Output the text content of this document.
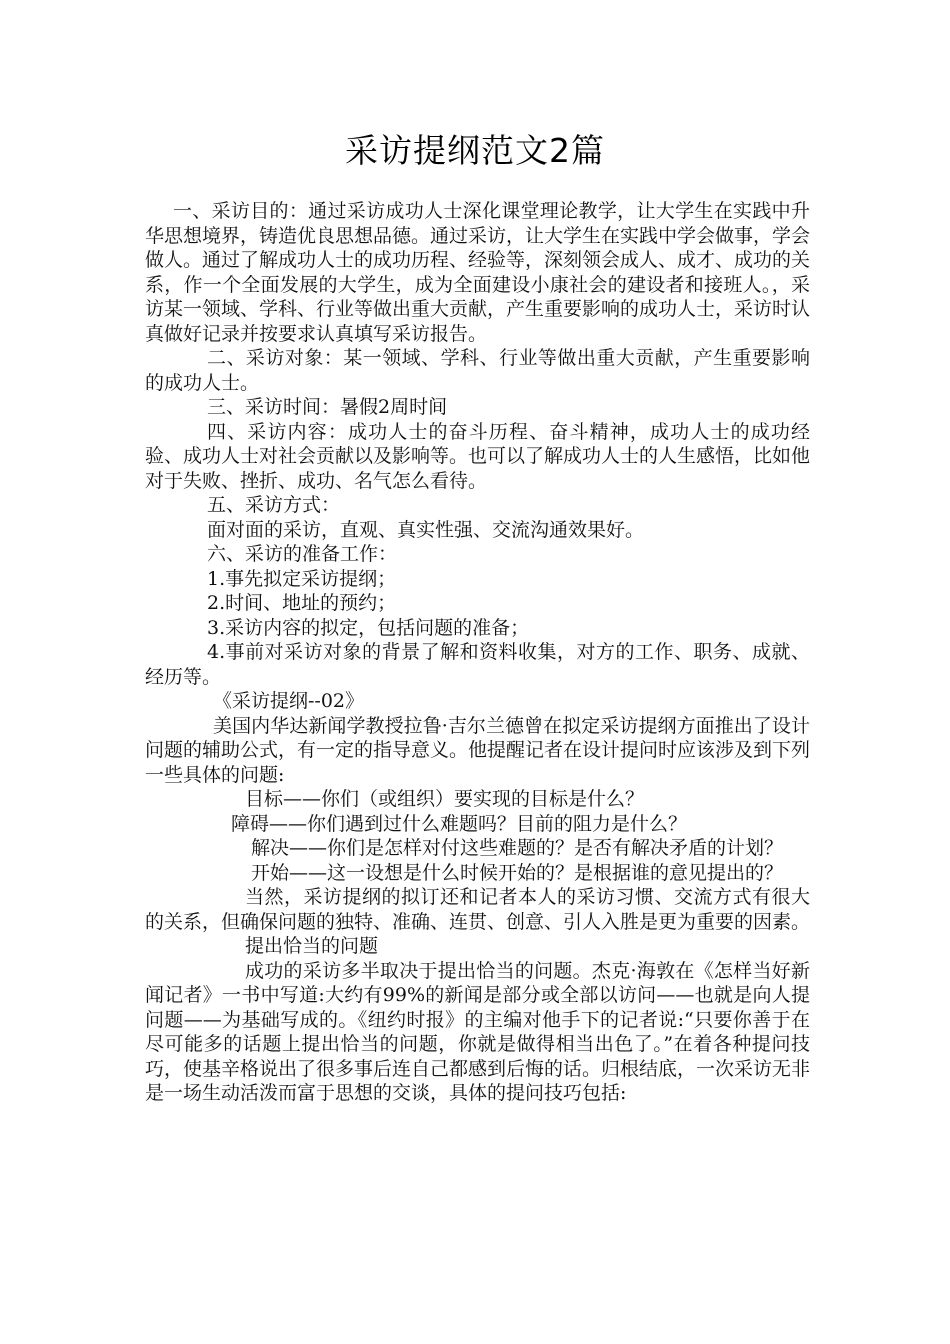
采访提纲范文2篇

一、采访目的：通过采访成功人士深化课堂理论教学，让大学生在实践中升华思想境界，铸造优良思想品德。通过采访，让大学生在实践中学会做事，学会做人。通过了解成功人士的成功历程、经验等，深刻领会成人、成才、成功的关系，作一个全面发展的大学生，成为全面建设小康社会的建设者和接班人。，采访某一领域、学科、行业等做出重大贡献，产生重要影响的成功人士，采访时认真做好记录并按要求认真填写采访报告。

二、采访对象：某一领域、学科、行业等做出重大贡献，产生重要影响的成功人士。

三、采访时间：暑假2周时间

四、采访内容：成功人士的奋斗历程、奋斗精神，成功人士的成功经验、成功人士对社会贡献以及影响等。也可以了解成功人士的人生感悟，比如他对于失败、挫折、成功、名气怎么看待。

五、采访方式：

面对面的采访，直观、真实性强、交流沟通效果好。

六、采访的准备工作：

1.事先拟定采访提纲；

2.时间、地址的预约；

3.采访内容的拟定，包括问题的准备；

4.事前对采访对象的背景了解和资料收集，对方的工作、职务、成就、经历等。

《采访提纲--02》

美国内华达新闻学教授拉鲁·吉尔兰德曾在拟定采访提纲方面推出了设计问题的辅助公式，有一定的指导意义。他提醒记者在设计提问时应该涉及到下列一些具体的问题:

目标——你们（或组织）要实现的目标是什么？

障碍——你们遇到过什么难题吗？目前的阻力是什么？

解决——你们是怎样对付这些难题的？是否有解决矛盾的计划？

开始——这一设想是什么时候开始的？是根据谁的意见提出的？

当然，采访提纲的拟订还和记者本人的采访习惯、交流方式有很大的关系，但确保问题的独特、准确、连贯、创意、引人入胜是更为重要的因素。

提出恰当的问题

成功的采访多半取决于提出恰当的问题。杰克·海敦在《怎样当好新闻记者》一书中写道:大约有99%的新闻是部分或全部以访问——也就是向人提问题——为基础写成的。《纽约时报》的主编对他手下的记者说:“只要你善于在尽可能多的话题上提出恰当的问题，你就是做得相当出色了。”在着各种提问技巧，使基辛格说出了很多事后连自己都感到后悔的话。归根结底，一次采访无非是一场生动活泼而富于思想的交谈，具体的提问技巧包括:
